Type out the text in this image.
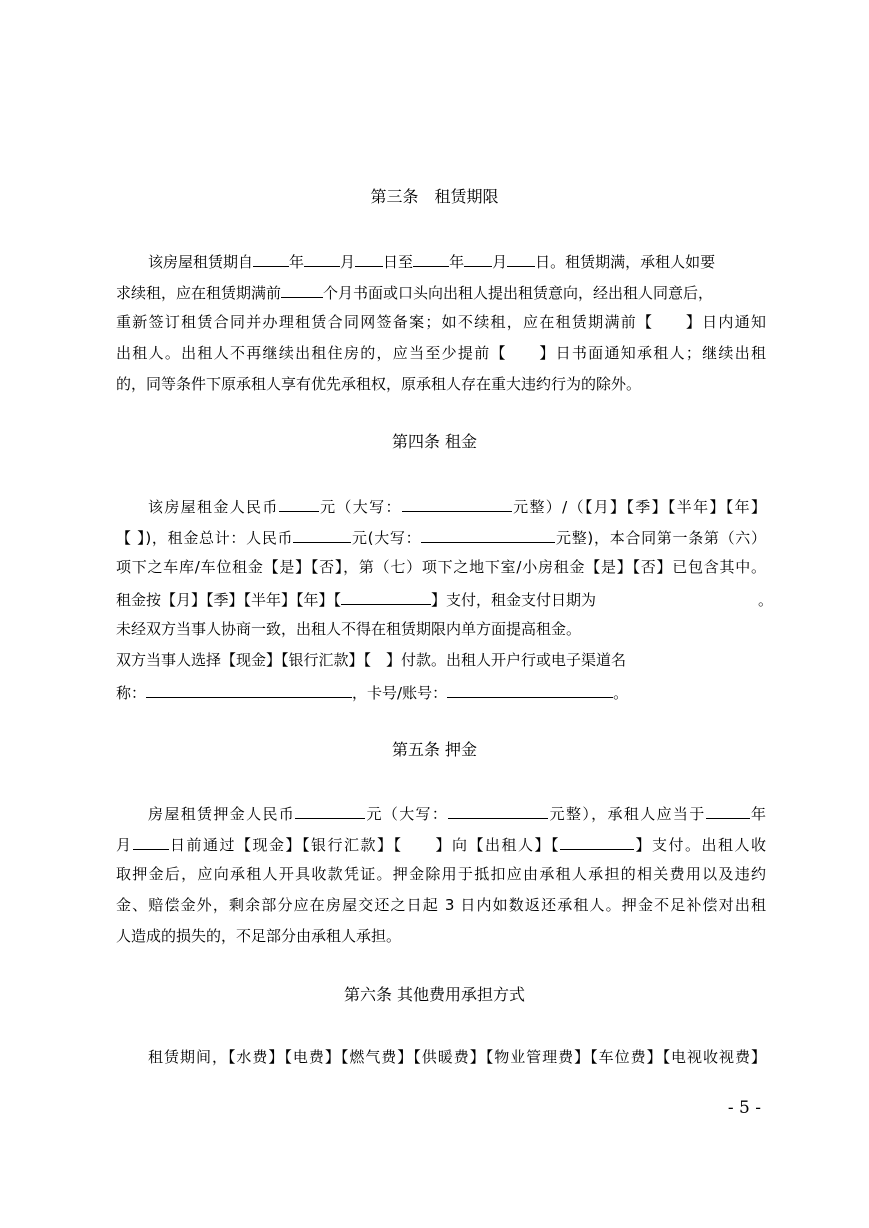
第三条　租赁期限
该房屋租赁期自 年 月 日至 年 月 日。租赁期满，承租人如要
求续租，应在租赁期满前	个月书面或口头向出租人提出租赁意向，经出租人同意后，
重新签订租赁合同并办理租赁合同网签备案；如不续租，应在租赁期满前【　　】日内通知
出租人。出租人不再继续出租住房的，应当至少提前【　　】日书面通知承租人；继续出租
的，同等条件下原承租人享有优先承租权，原承租人存在重大违约行为的除外。
第四条 租金
该房屋租金人民币	元（大写：	元整）/（【月】【季】【半年】【年】
【 】)，租金总计：人民币	元(大写：	元整)，本合同第一条第（六）
项下之车库/车位租金【是】【否】，第（七）项下之地下室/小房租金【是】【否】已包含其中。
租金按【月】【季】【半年】【年】【	】支付，租金支付日期为	。
未经双方当事人协商一致，出租人不得在租赁期限内单方面提高租金。
双方当事人选择【现金】【银行汇款】【　】付款。出租人开户行或电子渠道名
称：	，卡号/账号：	。
第五条 押金
房屋租赁押金人民币	元（大写：	元整），承租人应当于	年
月 日前通过【现金】【银行汇款】【　　】向【出租人】【	】支付。出租人收
取押金后，应向承租人开具收款凭证。押金除用于抵扣应由承租人承担的相关费用以及违约
金、赔偿金外，剩余部分应在房屋交还之日起 3 日内如数返还承租人。押金不足补偿对出租
人造成的损失的，不足部分由承租人承担。
第六条 其他费用承担方式
租赁期间，【水费】【电费】【燃气费】【供暖费】【物业管理费】【车位费】【电视收视费】
- 5 -
